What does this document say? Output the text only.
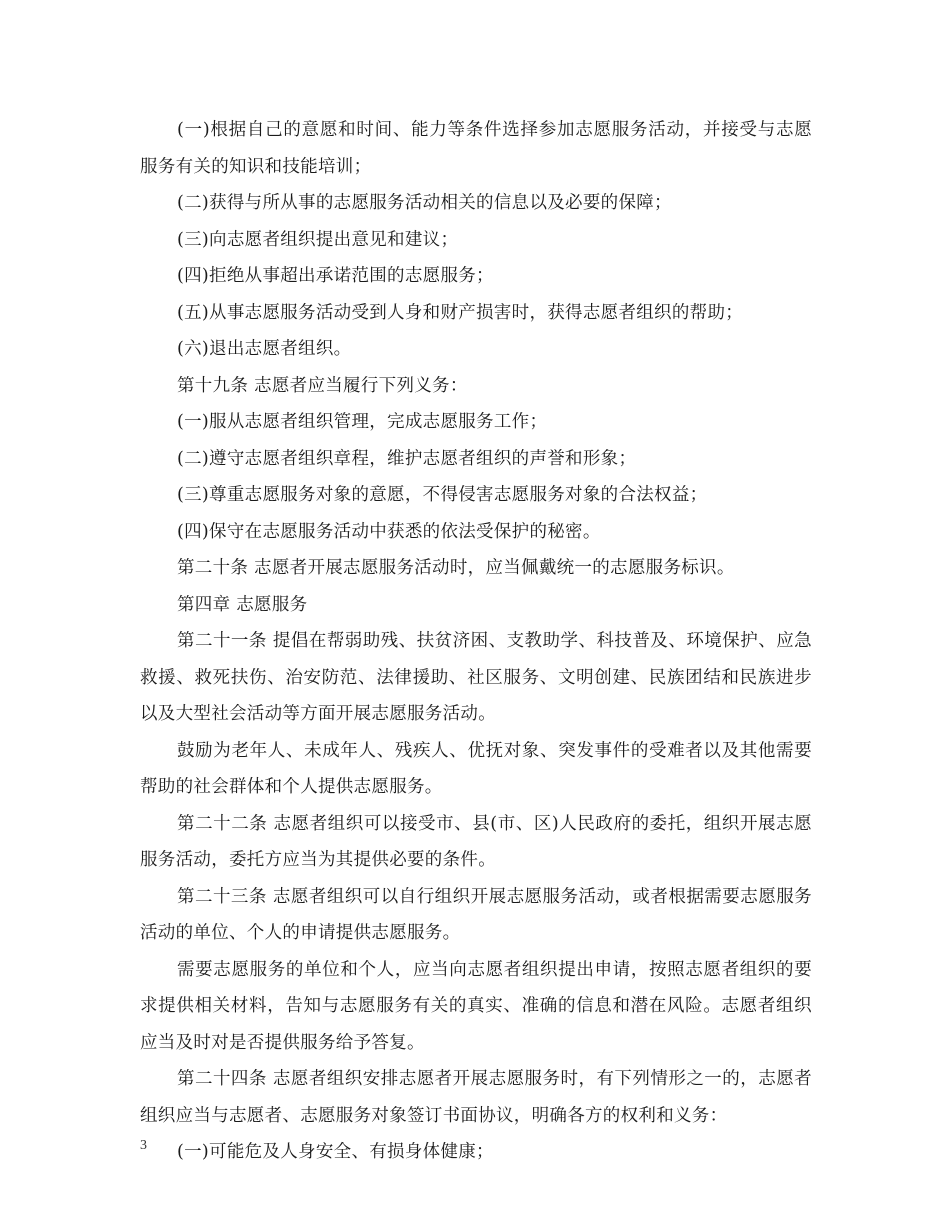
(一)根据自己的意愿和时间、能力等条件选择参加志愿服务活动，并接受与志愿服务有关的知识和技能培训；

(二)获得与所从事的志愿服务活动相关的信息以及必要的保障；

(三)向志愿者组织提出意见和建议；

(四)拒绝从事超出承诺范围的志愿服务；

(五)从事志愿服务活动受到人身和财产损害时，获得志愿者组织的帮助；

(六)退出志愿者组织。

第十九条 志愿者应当履行下列义务：

(一)服从志愿者组织管理，完成志愿服务工作；

(二)遵守志愿者组织章程，维护志愿者组织的声誉和形象；

(三)尊重志愿服务对象的意愿，不得侵害志愿服务对象的合法权益；

(四)保守在志愿服务活动中获悉的依法受保护的秘密。

第二十条 志愿者开展志愿服务活动时，应当佩戴统一的志愿服务标识。

第四章 志愿服务

第二十一条 提倡在帮弱助残、扶贫济困、支教助学、科技普及、环境保护、应急救援、救死扶伤、治安防范、法律援助、社区服务、文明创建、民族团结和民族进步以及大型社会活动等方面开展志愿服务活动。

鼓励为老年人、未成年人、残疾人、优抚对象、突发事件的受难者以及其他需要帮助的社会群体和个人提供志愿服务。

第二十二条 志愿者组织可以接受市、县(市、区)人民政府的委托，组织开展志愿服务活动，委托方应当为其提供必要的条件。

第二十三条 志愿者组织可以自行组织开展志愿服务活动，或者根据需要志愿服务活动的单位、个人的申请提供志愿服务。

需要志愿服务的单位和个人，应当向志愿者组织提出申请，按照志愿者组织的要求提供相关材料，告知与志愿服务有关的真实、准确的信息和潜在风险。志愿者组织应当及时对是否提供服务给予答复。

第二十四条 志愿者组织安排志愿者开展志愿服务时，有下列情形之一的，志愿者组织应当与志愿者、志愿服务对象签订书面协议，明确各方的权利和义务：

(一)可能危及人身安全、有损身体健康；

3
